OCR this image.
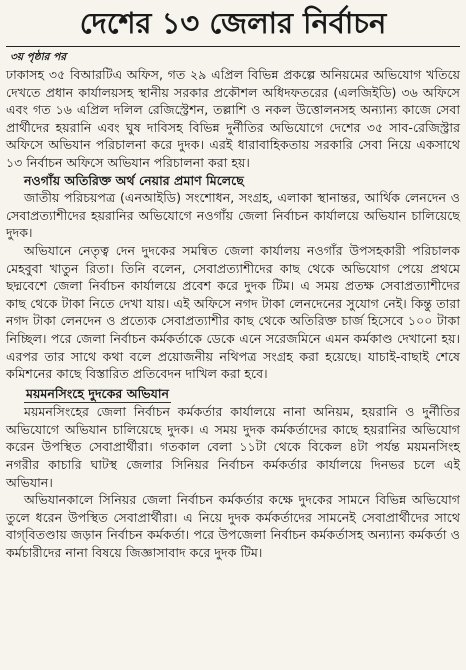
দেশের ১৩ জেলার নির্বাচন
৩য় পৃষ্ঠার পর

ঢাকাসহ ৩৫ বিআরটিএ অফিস, গত ২৯ এপ্রিল বিভিন্ন প্রকল্পে অনিয়মের অভিযোগ খতিয়ে দেখতে প্রধান কার্যালয়সহ স্থানীয় সরকার প্রকৌশল অধিদফতরের (এলজিইডি) ৩৬ অফিসে এবং গত ১৬ এপ্রিল দলিল রেজিস্ট্রেশন, তল্লাশি ও নকল উত্তোলনসহ অন্যান্য কাজে সেবা প্রার্থীদের হয়রানি এবং ঘুষ দাবিসহ বিভিন্ন দুর্নীতির অভিযোগে দেশের ৩৫ সাব-রেজিস্ট্রার অফিসে অভিযান পরিচালনা করে দুদক। এরই ধারাবাহিকতায় সরকারি সেবা নিয়ে একসাথে ১৩ নির্বাচন অফিসে অভিযান পরিচালনা করা হয়।

নওগাঁয় অতিরিক্ত অর্থ নেয়ার প্রমাণ মিলেছে

জাতীয় পরিচয়পত্র (এনআইডি) সংশোধন, সংগ্রহ, এলাকা স্থানান্তর, আর্থিক লেনদেন ও সেবাপ্রত্যাশীদের হয়রানির অভিযোগে নওগাঁয় জেলা নির্বাচন কার্যালয়ে অভিযান চালিয়েছে দুদক।

অভিযানে নেতৃত্ব দেন দুদকের সমন্বিত জেলা কার্যালয় নওগাঁর উপসহকারী পরিচালক মেহবুবা খাতুন রিতা। তিনি বলেন, সেবাপ্রত্যাশীদের কাছ থেকে অভিযোগ পেয়ে প্রথমে ছদ্মবেশে জেলা নির্বাচন কার্যালয়ে প্রবেশ করে দুদক টিম। এ সময় প্রতক্ষ সেবাপ্রত্যাশীদের কাছ থেকে টাকা নিতে দেখা যায়। এই অফিসে নগদ টাকা লেনদেনের সুযোগ নেই। কিন্তু তারা নগদ টাকা লেনদেন ও প্রত্যেক সেবাপ্রত্যাশীর কাছ থেকে অতিরিক্ত চার্জ হিসেবে ১০০ টাকা নিচ্ছিল। পরে জেলা নির্বাচন কর্মকর্তাকে ডেকে এনে সরেজমিনে এমন কর্মকাণ্ড দেখানো হয়। এরপর তার সাথে কথা বলে প্রয়োজনীয় নথিপত্র সংগ্রহ করা হয়েছে। যাচাই-বাছাই শেষে কমিশনের কাছে বিস্তারিত প্রতিবেদন দাখিল করা হবে।

ময়মনসিংহে দুদকের অভিযান

ময়মনসিংহের জেলা নির্বাচন কর্মকর্তার কার্যালয়ে নানা অনিয়ম, হয়রানি ও দুর্নীতির অভিযোগে অভিযান চালিয়েছে দুদক। এ সময় দুদক কর্মকর্তাদের কাছে হয়রানির অভিযোগ করেন উপস্থিত সেবাপ্রার্থীরা। গতকাল বেলা ১১টা থেকে বিকেল ৪টা পর্যন্ত ময়মনসিংহ নগরীর কাচারি ঘাটস্থ জেলার সিনিয়র নির্বাচন কর্মকর্তার কার্যালয়ে দিনভর চলে এই অভিযান।

অভিযানকালে সিনিয়র জেলা নির্বাচন কর্মকর্তার কক্ষে দুদকের সামনে বিভিন্ন অভিযোগ তুলে ধরেন উপস্থিত সেবাপ্রার্থীরা। এ নিয়ে দুদক কর্মকর্তাদের সামনেই সেবাপ্রার্থীদের সাথে বাগ্‌বিতণ্ডায় জড়ান নির্বাচন কর্মকর্তা। পরে উপজেলা নির্বাচন কর্মকর্তাসহ অন্যান্য কর্মকর্তা ও কর্মচারীদের নানা বিষয়ে জিজ্ঞাসাবাদ করে দুদক টিম।
